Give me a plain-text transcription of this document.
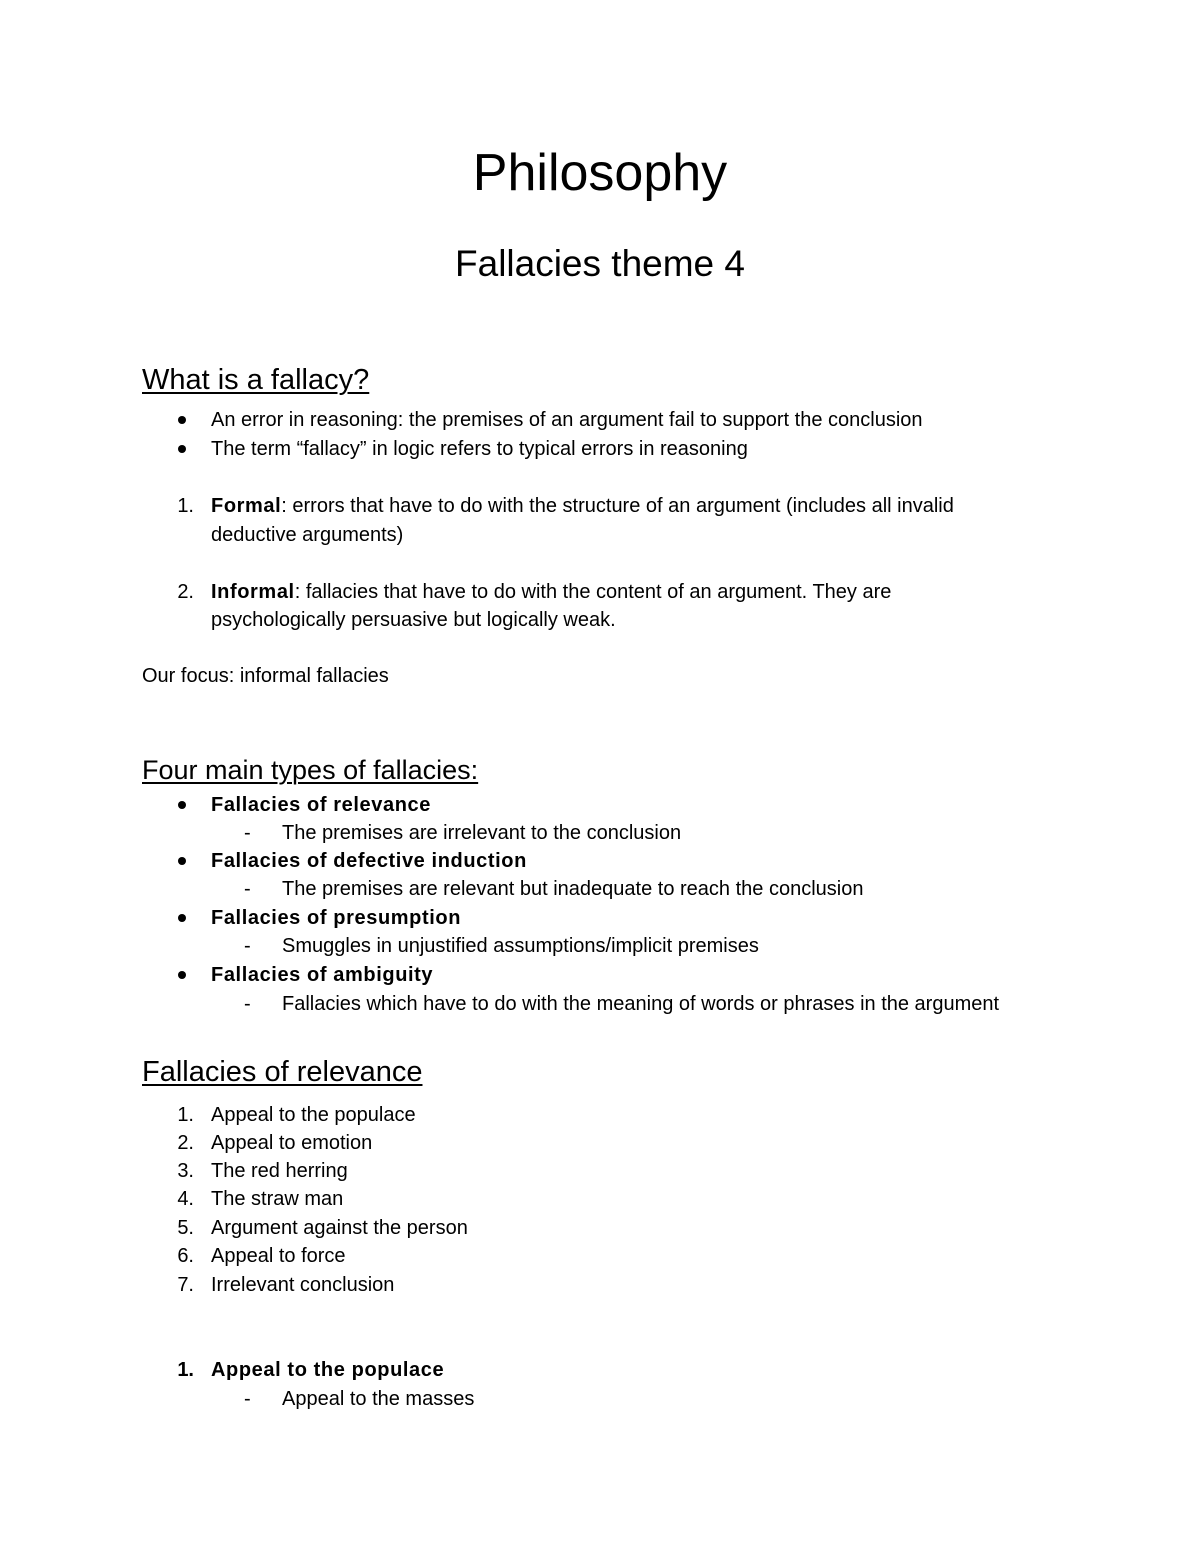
Philosophy
Fallacies theme 4
What is a fallacy?
An error in reasoning: the premises of an argument fail to support the conclusion
The term “fallacy” in logic refers to typical errors in reasoning
1. Formal: errors that have to do with the structure of an argument (includes all invalid
deductive arguments)
2. Informal: fallacies that have to do with the content of an argument. They are
psychologically persuasive but logically weak.
Our focus: informal fallacies
Four main types of fallacies:
Fallacies of relevance
- The premises are irrelevant to the conclusion
Fallacies of defective induction
- The premises are relevant but inadequate to reach the conclusion
Fallacies of presumption
- Smuggles in unjustified assumptions/implicit premises
Fallacies of ambiguity
- Fallacies which have to do with the meaning of words or phrases in the argument
Fallacies of relevance
1. Appeal to the populace
2. Appeal to emotion
3. The red herring
4. The straw man
5. Argument against the person
6. Appeal to force
7. Irrelevant conclusion
1. Appeal to the populace
- Appeal to the masses
